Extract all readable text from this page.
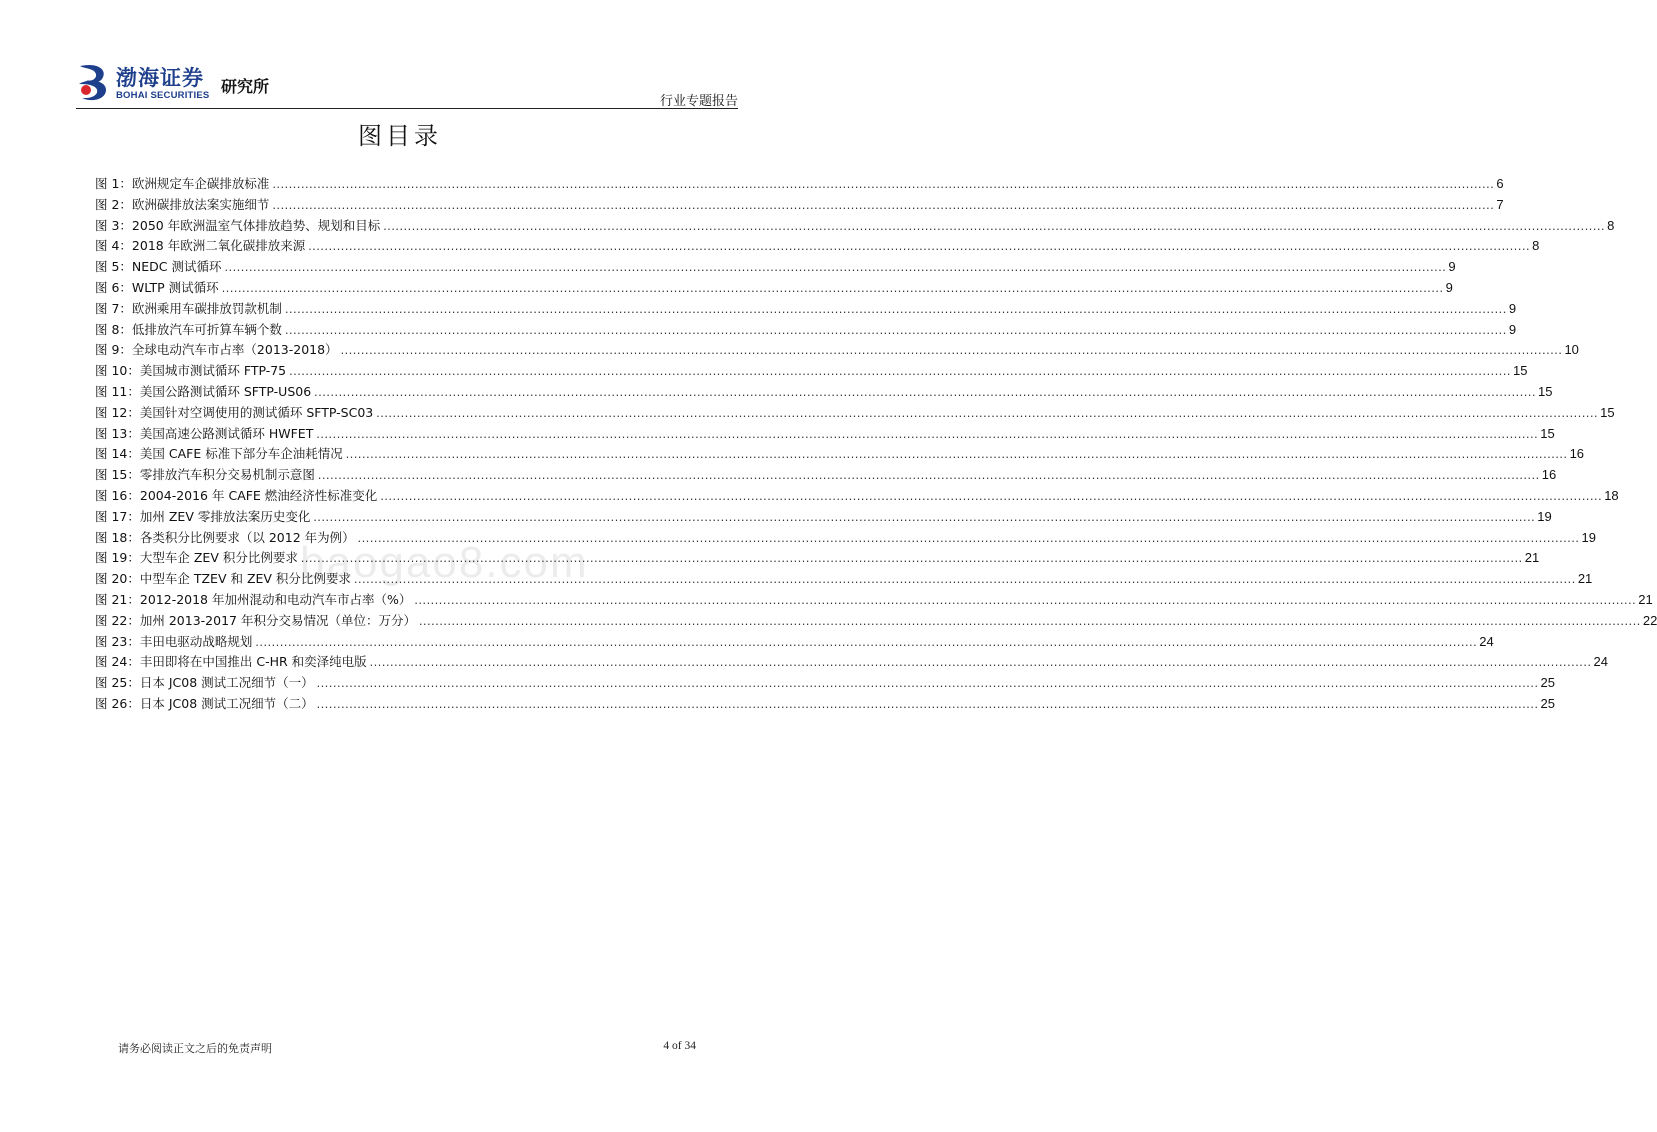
渤海证券
BOHAI SECURITIES 研究所
行业专题报告
图目录
baogao8.com
图 1：欧洲规定车企碳排放标准 ............................................................................................................................................................................................................................................................................................................ 6
图 2：欧洲碳排放法案实施细节 ............................................................................................................................................................................................................................................................................................................ 7
图 3：2050 年欧洲温室气体排放趋势、规划和目标 ............................................................................................................................................................................................................................................................................................................ 8
图 4：2018 年欧洲二氧化碳排放来源 ............................................................................................................................................................................................................................................................................................................ 8
图 5：NEDC 测试循环 ............................................................................................................................................................................................................................................................................................................ 9
图 6：WLTP 测试循环 ............................................................................................................................................................................................................................................................................................................ 9
图 7：欧洲乘用车碳排放罚款机制 ............................................................................................................................................................................................................................................................................................................ 9
图 8：低排放汽车可折算车辆个数 ............................................................................................................................................................................................................................................................................................................ 9
图 9：全球电动汽车市占率（2013-2018） ............................................................................................................................................................................................................................................................................................................ 10
图 10：美国城市测试循环 FTP-75 ............................................................................................................................................................................................................................................................................................................ 15
图 11：美国公路测试循环 SFTP-US06 ............................................................................................................................................................................................................................................................................................................ 15
图 12：美国针对空调使用的测试循环 SFTP-SC03 ............................................................................................................................................................................................................................................................................................................ 15
图 13：美国高速公路测试循环 HWFET ............................................................................................................................................................................................................................................................................................................ 15
图 14：美国 CAFE 标准下部分车企油耗情况 ............................................................................................................................................................................................................................................................................................................ 16
图 15：零排放汽车积分交易机制示意图 ............................................................................................................................................................................................................................................................................................................ 16
图 16：2004-2016 年 CAFE 燃油经济性标准变化 ............................................................................................................................................................................................................................................................................................................ 18
图 17：加州 ZEV 零排放法案历史变化 ............................................................................................................................................................................................................................................................................................................ 19
图 18：各类积分比例要求（以 2012 年为例） ............................................................................................................................................................................................................................................................................................................ 19
图 19：大型车企 ZEV 积分比例要求 ............................................................................................................................................................................................................................................................................................................ 21
图 20：中型车企 TZEV 和 ZEV 积分比例要求 ............................................................................................................................................................................................................................................................................................................ 21
图 21：2012-2018 年加州混动和电动汽车市占率（%） ............................................................................................................................................................................................................................................................................................................ 21
图 22：加州 2013-2017 年积分交易情况（单位：万分） ............................................................................................................................................................................................................................................................................................................ 22
图 23：丰田电驱动战略规划 ............................................................................................................................................................................................................................................................................................................ 24
图 24：丰田即将在中国推出 C-HR 和奕泽纯电版 ............................................................................................................................................................................................................................................................................................................ 24
图 25：日本 JC08 测试工况细节（一） ............................................................................................................................................................................................................................................................................................................ 25
图 26：日本 JC08 测试工况细节（二） ............................................................................................................................................................................................................................................................................................................ 25
请务必阅读正文之后的免责声明	4 of 34
